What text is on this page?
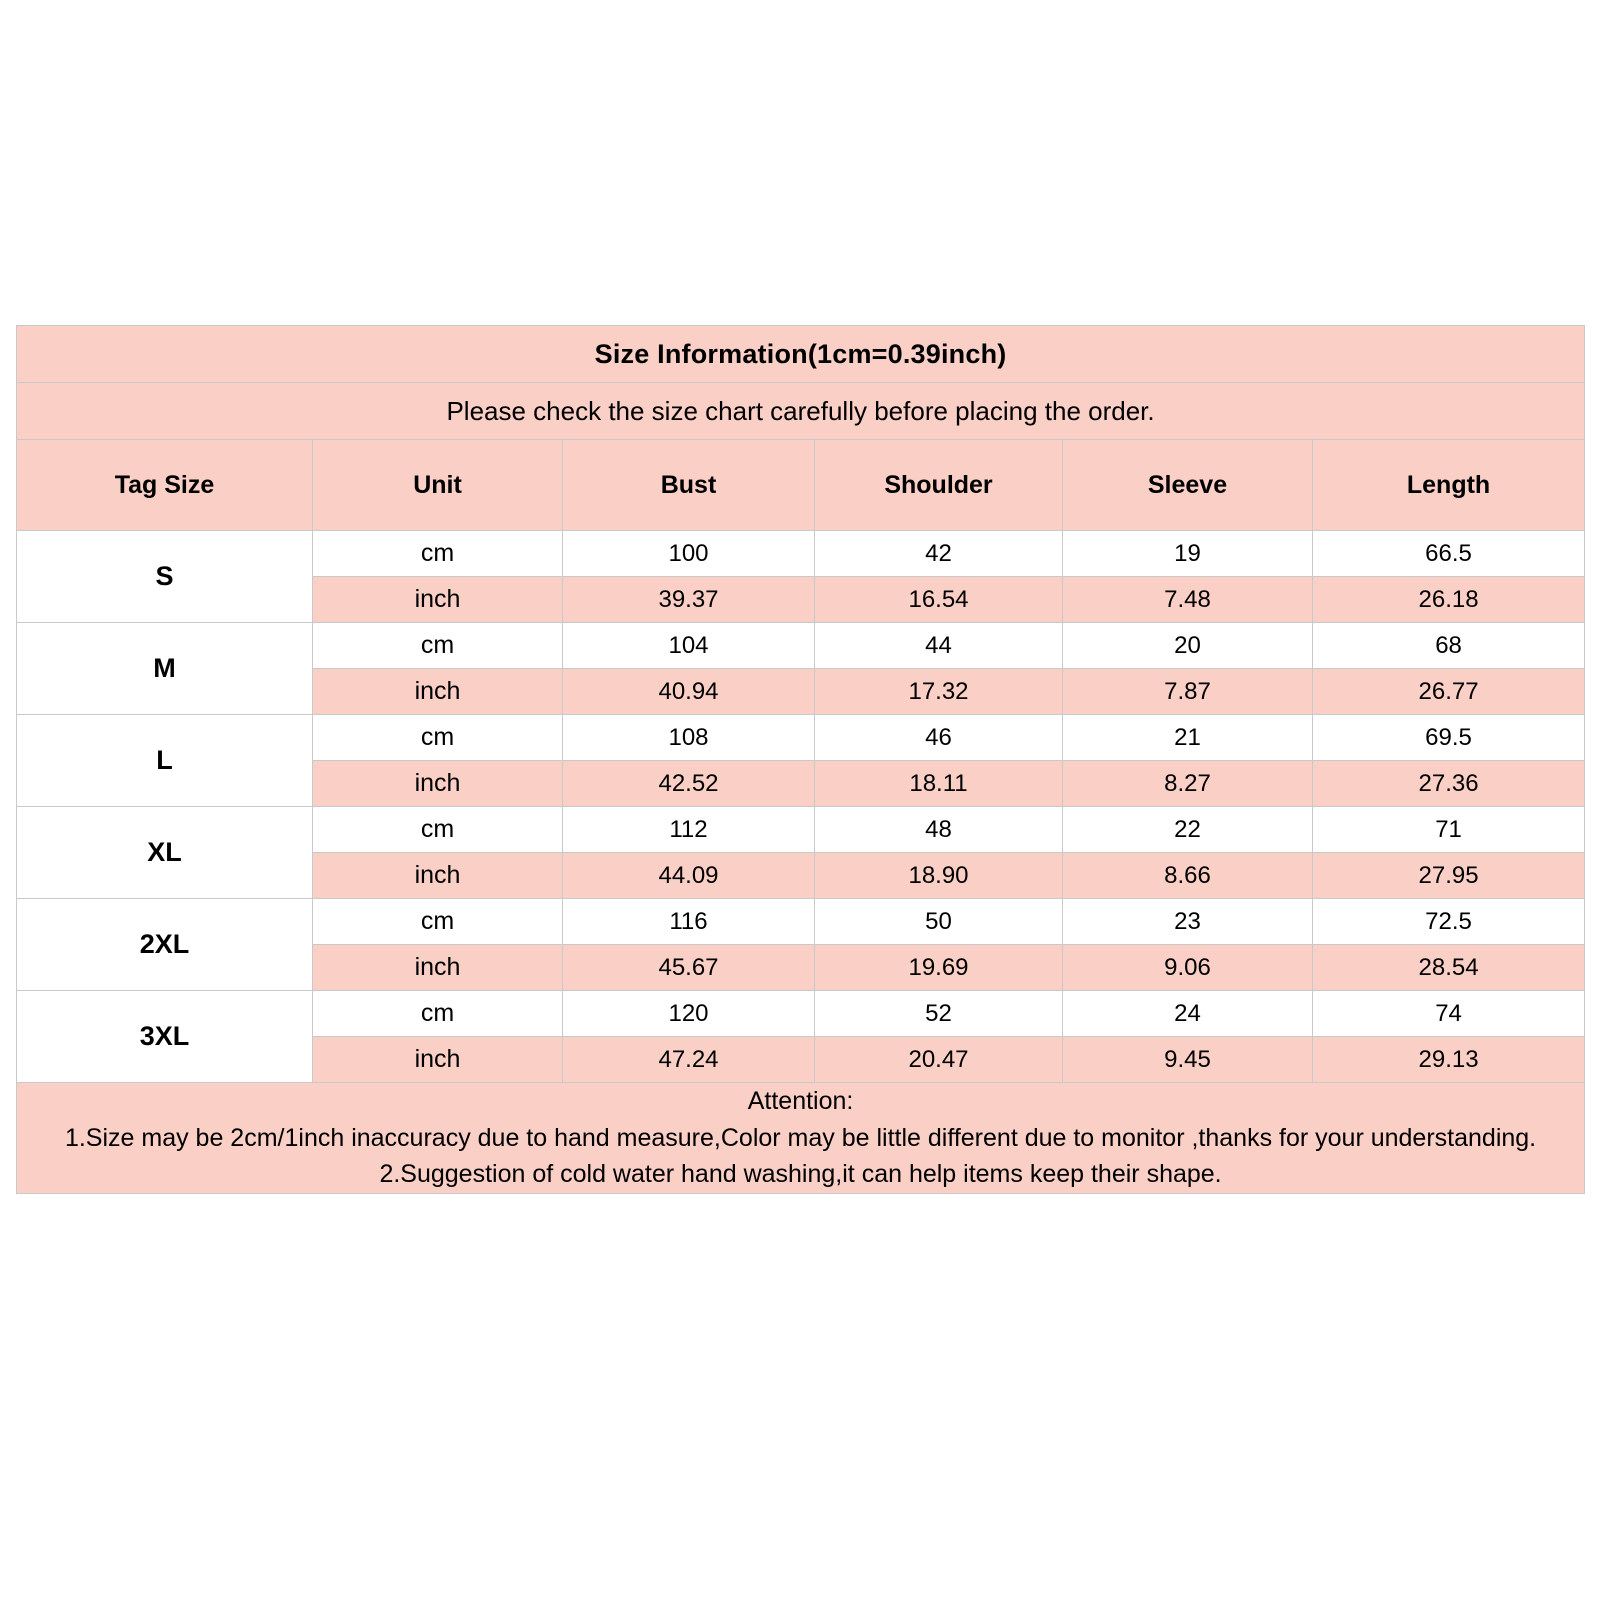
Size Information(1cm=0.39inch)					
Please check the size chart carefully before placing the order.					
Tag Size	Unit	Bust	Shoulder	Sleeve	Length
S	cm	100	42	19	66.5
	inch	39.37	16.54	7.48	26.18
M	cm	104	44	20	68
	inch	40.94	17.32	7.87	26.77
L	cm	108	46	21	69.5
	inch	42.52	18.11	8.27	27.36
XL	cm	112	48	22	71
	inch	44.09	18.90	8.66	27.95
2XL	cm	116	50	23	72.5
	inch	45.67	19.69	9.06	28.54
3XL	cm	120	52	24	74
	inch	47.24	20.47	9.45	29.13

Attention:
1.Size may be 2cm/1inch inaccuracy due to hand measure,Color may be little different due to monitor ,thanks for your understanding.
2.Suggestion of cold water hand washing,it can help items keep their shape.					
